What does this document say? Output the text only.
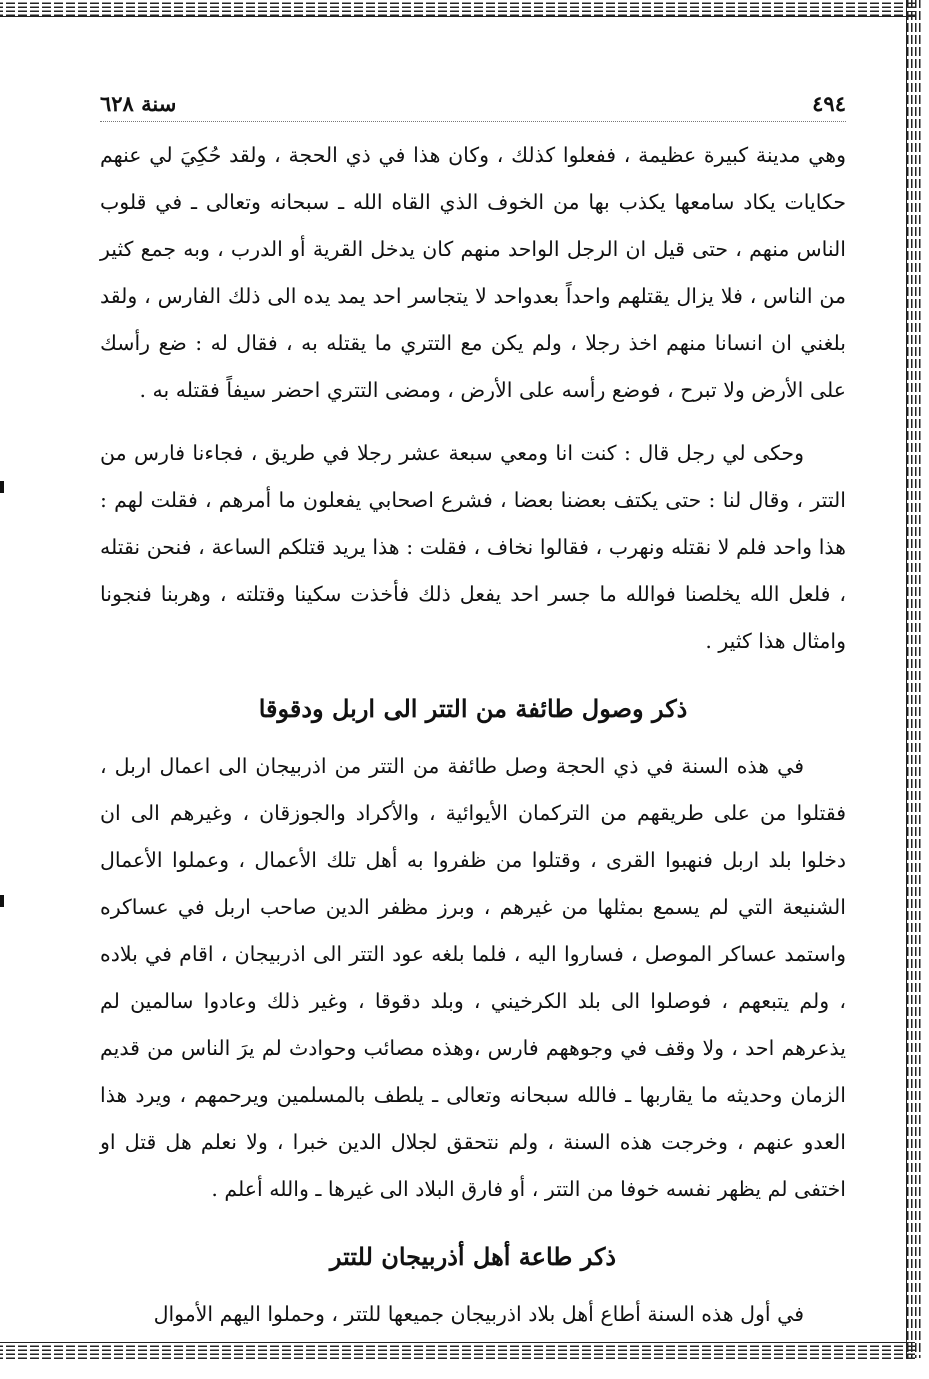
٤٩٤
سنة ٦٢٨

وهي مدينة كبيرة عظيمة ، ففعلوا كذلك ، وكان هذا في ذي الحجة ، ولقد حُكِيَ لي عنهم حكايات يكاد سامعها يكذب بها من الخوف الذي القاه الله ـ سبحانه وتعالى ـ في قلوب الناس منهم ، حتى قيل ان الرجل الواحد منهم كان يدخل القرية أو الدرب ، وبه جمع كثير من الناس ، فلا يزال يقتلهم واحداً بعدواحد لا يتجاسر احد يمد يده الى ذلك الفارس ، ولقد بلغني ان انسانا منهم اخذ رجلا ، ولم يكن مع التتري ما يقتله به ، فقال له : ضع رأسك على الأرض ولا تبرح ، فوضع رأسه على الأرض ، ومضى التتري احضر سيفاً فقتله به .

وحكى لي رجل قال : كنت انا ومعي سبعة عشر رجلا في طريق ، فجاءنا فارس من التتر ، وقال لنا : حتى يكتف بعضنا بعضا ، فشرع اصحابي يفعلون ما أمرهم ، فقلت لهم : هذا واحد فلم لا نقتله ونهرب ، فقالوا نخاف ، فقلت : هذا يريد قتلكم الساعة ، فنحن نقتله ، فلعل الله يخلصنا فوالله ما جسر احد يفعل ذلك فأخذت سكينا وقتلته ، وهربنا فنجونا وامثال هذا كثير .

ذكر وصول طائفة من التتر الى اربل ودقوقا

في هذه السنة في ذي الحجة وصل طائفة من التتر من اذربيجان الى اعمال اربل ، فقتلوا من على طريقهم من التركمان الأيوائية ، والأكراد والجوزقان ، وغيرهم الى ان دخلوا بلد اربل فنهبوا القرى ، وقتلوا من ظفروا به أهل تلك الأعمال ، وعملوا الأعمال الشنيعة التي لم يسمع بمثلها من غيرهم ، وبرز مظفر الدين صاحب اربل في عساكره واستمد عساكر الموصل ، فساروا اليه ، فلما بلغه عود التتر الى اذربيجان ، اقام في بلاده ، ولم يتبعهم ، فوصلوا الى بلد الكرخيني ، وبلد دقوقا ، وغير ذلك وعادوا سالمين لم يذعرهم احد ، ولا وقف في وجوههم فارس ،وهذه مصائب وحوادث لم يرَ الناس من قديم الزمان وحديثه ما يقاربها ـ فالله سبحانه وتعالى ـ يلطف بالمسلمين ويرحمهم ، ويرد هذا العدو عنهم ، وخرجت هذه السنة ، ولم نتحقق لجلال الدين خبرا ، ولا نعلم هل قتل او اختفى لم يظهر نفسه خوفا من التتر ، أو فارق البلاد الى غيرها ـ والله أعلم .

ذكر طاعة أهل أذربيجان للتتر

في أول هذه السنة أطاع أهل بلاد اذربيجان جميعها للتتر ، وحملوا اليهم الأموال
